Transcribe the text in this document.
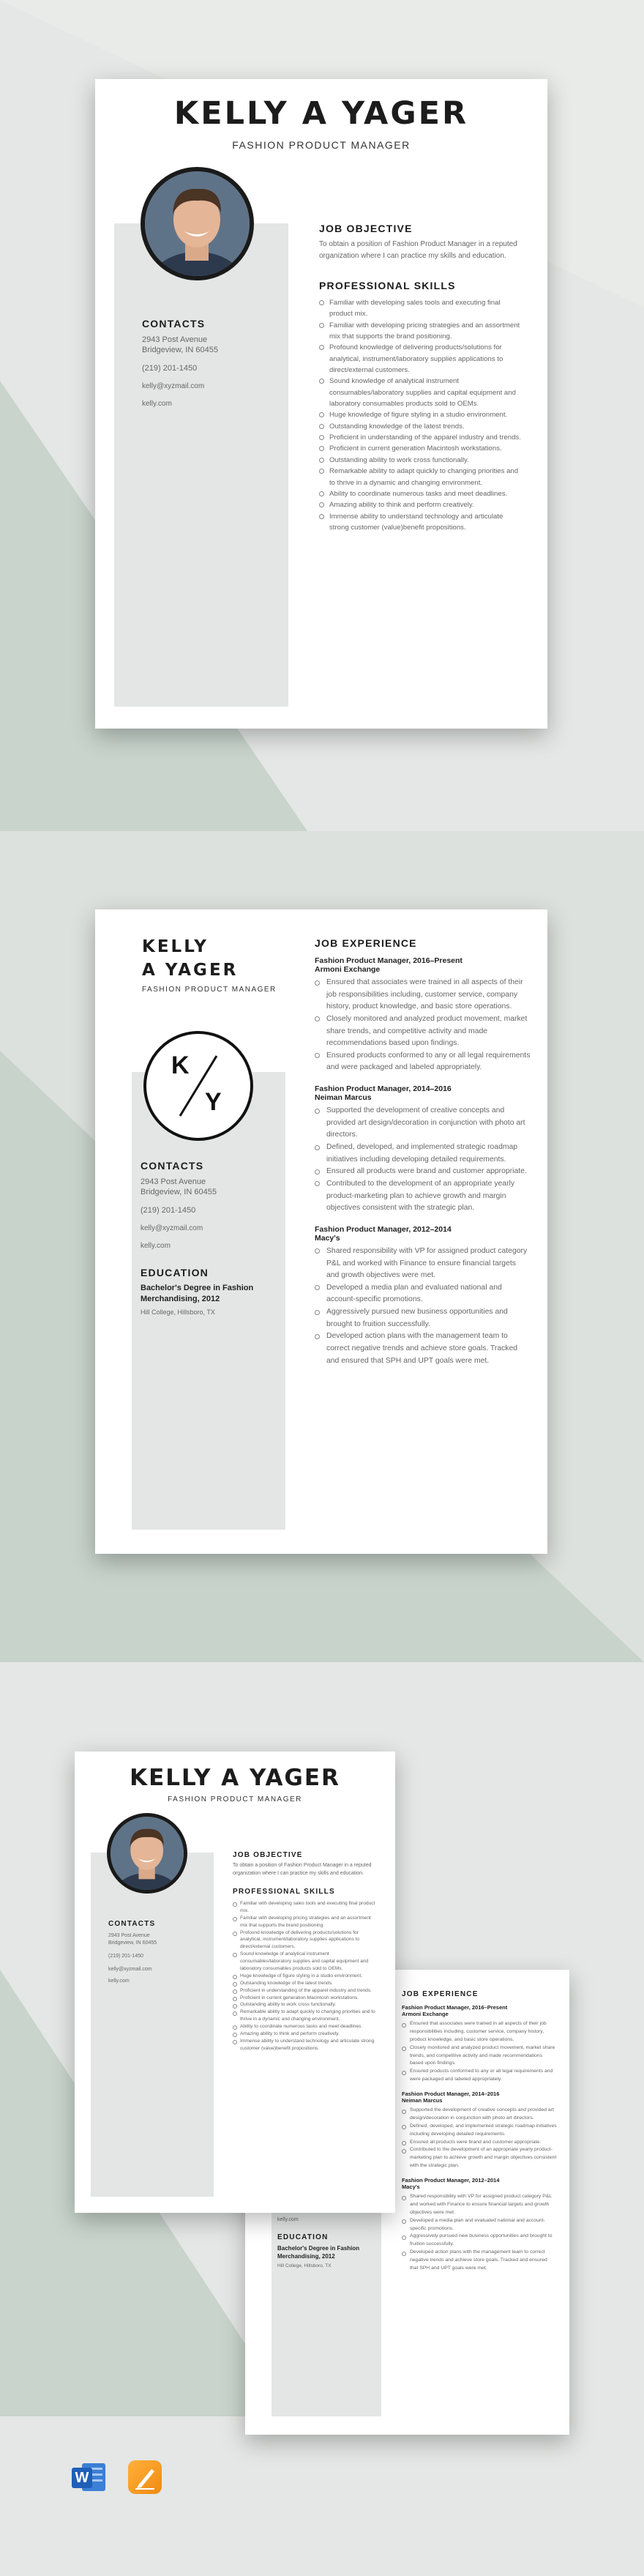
KELLY A YAGER
FASHION PRODUCT MANAGER
CONTACTS
2943 Post Avenue
Bridgeview, IN 60455
(219) 201-1450
kelly@xyzmail.com
kelly.com
JOB OBJECTIVE
To obtain a position of Fashion Product Manager in a reputed organization where I can practice my skills and education.
PROFESSIONAL SKILLS
Familiar with developing sales tools and executing final product mix.
Familiar with developing pricing strategies and an assortment mix that supports the brand positioning.
Profound knowledge of delivering products/solutions for analytical, instrument/laboratory supplies applications to direct/external customers.
Sound knowledge of analytical instrument consumables/laboratory supplies and capital equipment and laboratory consumables products sold to OEMs.
Huge knowledge of figure styling in a studio environment.
Outstanding knowledge of the latest trends.
Proficient in understanding of the apparel industry and trends.
Proficient in current generation Macintosh workstations.
Outstanding ability to work cross functionally.
Remarkable ability to adapt quickly to changing priorities and to thrive in a dynamic and changing environment.
Ability to coordinate numerous tasks and meet deadlines.
Amazing ability to think and perform creatively.
Immense ability to understand technology and articulate strong customer (value)benefit propositions.
KELLY
A YAGER
FASHION PRODUCT MANAGER
K
Y
CONTACTS
2943 Post Avenue
Bridgeview, IN 60455
(219) 201-1450
kelly@xyzmail.com
kelly.com
EDUCATION
Bachelor's Degree in Fashion Merchandising, 2012
Hill College, Hillsboro, TX
JOB EXPERIENCE
Fashion Product Manager, 2016–Present
Armoni Exchange
Ensured that associates were trained in all aspects of their job responsibilities including, customer service, company history, product knowledge, and basic store operations.
Closely monitored and analyzed product movement, market share trends, and competitive activity and made recommendations based upon findings.
Ensured products conformed to any or all legal requirements and were packaged and labeled appropriately.
Fashion Product Manager, 2014–2016
Neiman Marcus
Supported the development of creative concepts and provided art design/decoration in conjunction with photo art directors.
Defined, developed, and implemented strategic roadmap initiatives including developing detailed requirements.
Ensured all products were brand and customer appropriate.
Contributed to the development of an appropriate yearly product-marketing plan to achieve growth and margin objectives consistent with the strategic plan.
Fashion Product Manager, 2012–2014
Macy's
Shared responsibility with VP for assigned product category P&L and worked with Finance to ensure financial targets and growth objectives were met.
Developed a media plan and evaluated national and account-specific promotions.
Aggressively pursued new business opportunities and brought to fruition successfully.
Developed action plans with the management team to correct negative trends and achieve store goals. Tracked and ensured that SPH and UPT goals were met.
kelly.com
EDUCATION
Bachelor's Degree in Fashion Merchandising, 2012
Hill College, Hillsboro, TX
JOB EXPERIENCE
Fashion Product Manager, 2016–Present
Armoni Exchange
Ensured that associates were trained in all aspects of their job responsibilities including, customer service, company history, product knowledge, and basic store operations.
Closely monitored and analyzed product movement, market share trends, and competitive activity and made recommendations based upon findings.
Ensured products conformed to any or all legal requirements and were packaged and labeled appropriately.
Fashion Product Manager, 2014–2016
Neiman Marcus
Supported the development of creative concepts and provided art design/decoration in conjunction with photo art directors.
Defined, developed, and implemented strategic roadmap initiatives including developing detailed requirements.
Ensured all products were brand and customer appropriate.
Contributed to the development of an appropriate yearly product-marketing plan to achieve growth and margin objectives consistent with the strategic plan.
Fashion Product Manager, 2012–2014
Macy's
Shared responsibility with VP for assigned product category P&L and worked with Finance to ensure financial targets and growth objectives were met.
Developed a media plan and evaluated national and account-specific promotions.
Aggressively pursued new business opportunities and brought to fruition successfully.
Developed action plans with the management team to correct negative trends and achieve store goals. Tracked and ensured that SPH and UPT goals were met.
KELLY A YAGER
FASHION PRODUCT MANAGER
CONTACTS
2943 Post Avenue
Bridgeview, IN 60455
(219) 201-1450
kelly@xyzmail.com
kelly.com
JOB OBJECTIVE
To obtain a position of Fashion Product Manager in a reputed organization where I can practice my skills and education.
PROFESSIONAL SKILLS
Familiar with developing sales tools and executing final product mix.
Familiar with developing pricing strategies and an assortment mix that supports the brand positioning.
Profound knowledge of delivering products/solutions for analytical, instrument/laboratory supplies applications to direct/external customers.
Sound knowledge of analytical instrument consumables/laboratory supplies and capital equipment and laboratory consumables products sold to OEMs.
Huge knowledge of figure styling in a studio environment.
Outstanding knowledge of the latest trends.
Proficient in understanding of the apparel industry and trends.
Proficient in current generation Macintosh workstations.
Outstanding ability to work cross functionally.
Remarkable ability to adapt quickly to changing priorities and to thrive in a dynamic and changing environment.
Ability to coordinate numerous tasks and meet deadlines.
Amazing ability to think and perform creatively.
Immense ability to understand technology and articulate strong customer (value)benefit propositions.
W
